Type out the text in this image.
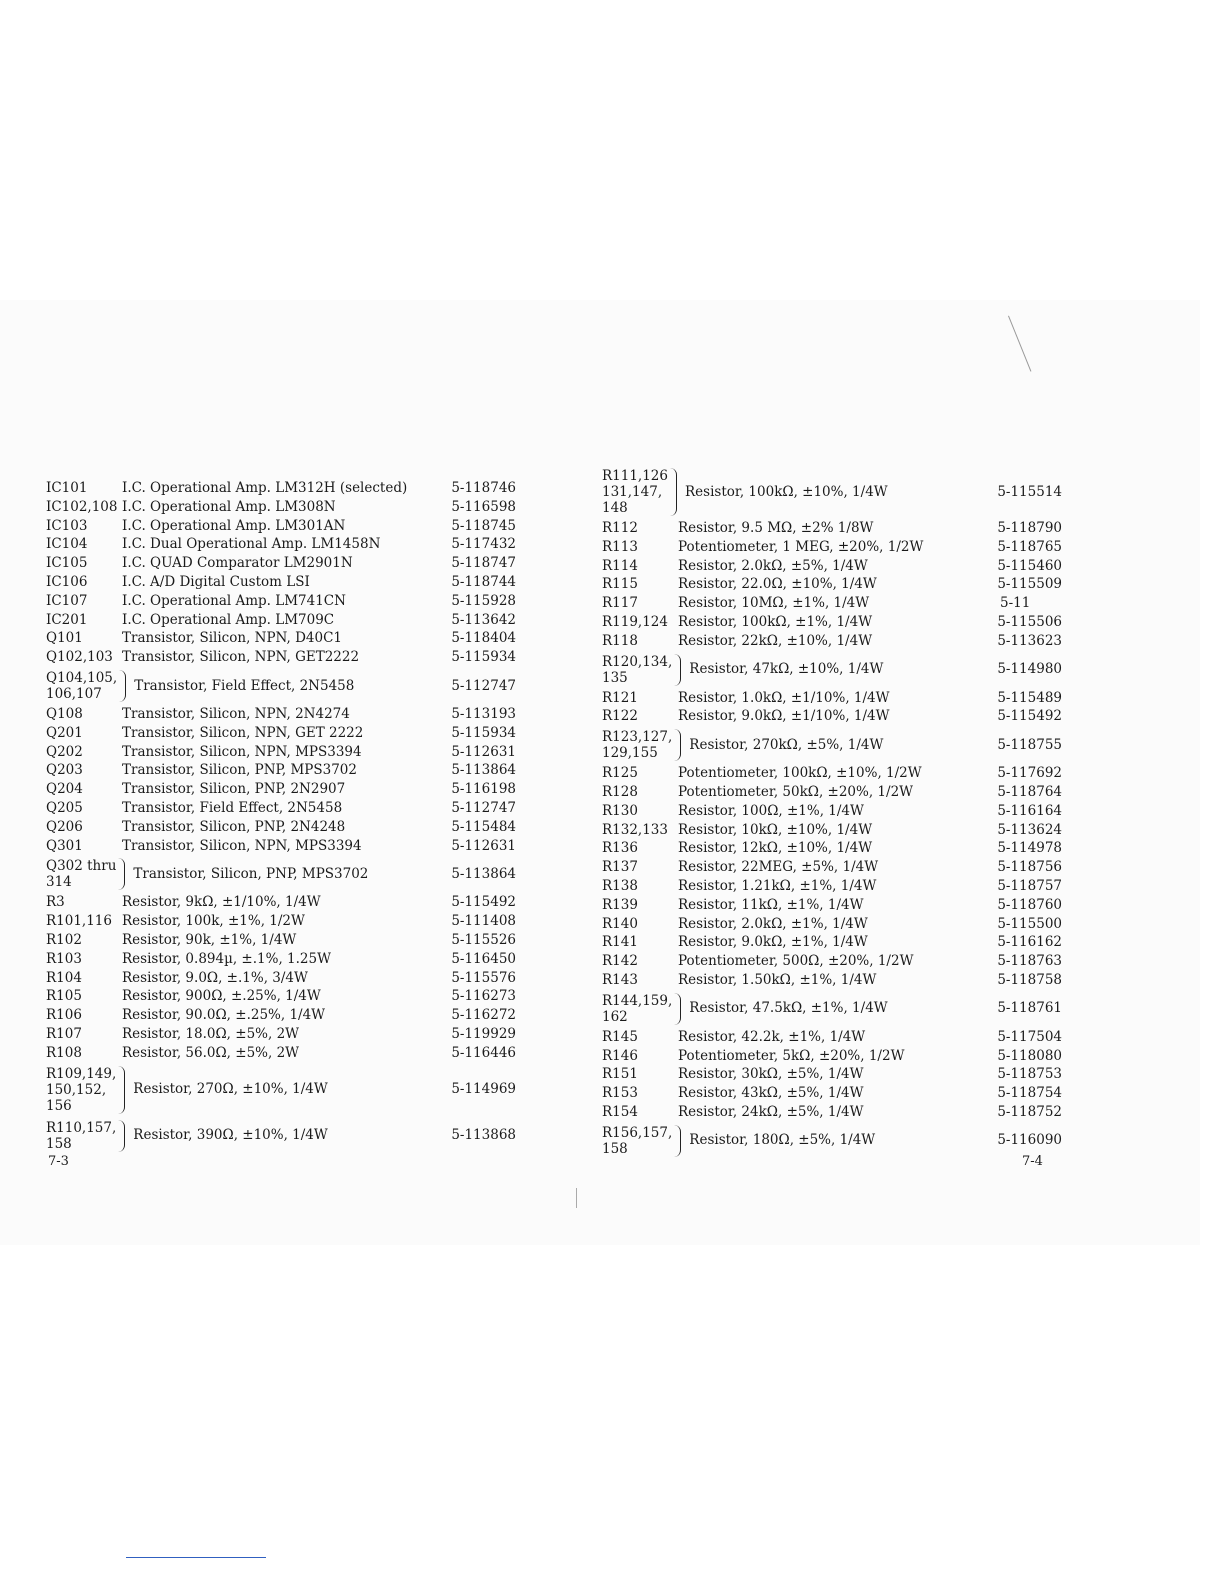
IC101	I.C. Operational Amp. LM312H (selected)	5-118746
IC102,108 I.C. Operational Amp. LM308N	5-116598
IC103	I.C. Operational Amp. LM301AN	5-118745
IC104	I.C. Dual Operational Amp. LM1458N	5-117432
IC105	I.C. QUAD Comparator LM2901N	5-118747
IC106	I.C. A/D Digital Custom LSI	5-118744
IC107	I.C. Operational Amp. LM741CN	5-115928
IC201	I.C. Operational Amp. LM709C	5-113642
Q101	Transistor, Silicon, NPN, D40C1	5-118404
Q102,103 Transistor, Silicon, NPN, GET2222	5-115934
Q104,105,
106,107
Transistor, Field Effect, 2N5458	5-112747
Q108	Transistor, Silicon, NPN, 2N4274	5-113193
Q201	Transistor, Silicon, NPN, GET 2222	5-115934
Q202	Transistor, Silicon, NPN, MPS3394	5-112631
Q203	Transistor, Silicon, PNP, MPS3702	5-113864
Q204	Transistor, Silicon, PNP, 2N2907	5-116198
Q205	Transistor, Field Effect, 2N5458	5-112747
Q206	Transistor, Silicon, PNP, 2N4248	5-115484
Q301	Transistor, Silicon, NPN, MPS3394	5-112631
Q302 thru
314
Transistor, Silicon, PNP, MPS3702	5-113864
R3	Resistor, 9kΩ, ±1/10%, 1/4W	5-115492
R101,116 Resistor, 100k, ±1%, 1/2W	5-111408
R102	Resistor, 90k, ±1%, 1/4W	5-115526
R103	Resistor, 0.894µ, ±.1%, 1.25W	5-116450
R104	Resistor, 9.0Ω, ±.1%, 3/4W	5-115576
R105	Resistor, 900Ω, ±.25%, 1/4W	5-116273
R106	Resistor, 90.0Ω, ±.25%, 1/4W	5-116272
R107	Resistor, 18.0Ω, ±5%, 2W	5-119929
R108	Resistor, 56.0Ω, ±5%, 2W	5-116446
R109,149,
150,152,
156
Resistor, 270Ω, ±10%, 1/4W	5-114969
R110,157,
158
Resistor, 390Ω, ±10%, 1/4W	5-113868
R111,126
131,147,
148
Resistor, 100kΩ, ±10%, 1/4W	5-115514
R112	Resistor, 9.5 MΩ, ±2% 1/8W	5-118790
R113	Potentiometer, 1 MEG, ±20%, 1/2W	5-118765
R114	Resistor, 2.0kΩ, ±5%, 1/4W	5-115460
R115	Resistor, 22.0Ω, ±10%, 1/4W	5-115509
R117	Resistor, 10MΩ, ±1%, 1/4W	5-11
R119,124 Resistor, 100kΩ, ±1%, 1/4W	5-115506
R118	Resistor, 22kΩ, ±10%, 1/4W	5-113623
R120,134,
135
Resistor, 47kΩ, ±10%, 1/4W	5-114980
R121	Resistor, 1.0kΩ, ±1/10%, 1/4W	5-115489
R122	Resistor, 9.0kΩ, ±1/10%, 1/4W	5-115492
R123,127,
129,155
Resistor, 270kΩ, ±5%, 1/4W	5-118755
R125	Potentiometer, 100kΩ, ±10%, 1/2W	5-117692
R128	Potentiometer, 50kΩ, ±20%, 1/2W	5-118764
R130	Resistor, 100Ω, ±1%, 1/4W	5-116164
R132,133 Resistor, 10kΩ, ±10%, 1/4W	5-113624
R136	Resistor, 12kΩ, ±10%, 1/4W	5-114978
R137	Resistor, 22MEG, ±5%, 1/4W	5-118756
R138	Resistor, 1.21kΩ, ±1%, 1/4W	5-118757
R139	Resistor, 11kΩ, ±1%, 1/4W	5-118760
R140	Resistor, 2.0kΩ, ±1%, 1/4W	5-115500
R141	Resistor, 9.0kΩ, ±1%, 1/4W	5-116162
R142	Potentiometer, 500Ω, ±20%, 1/2W	5-118763
R143	Resistor, 1.50kΩ, ±1%, 1/4W	5-118758
R144,159,
162
Resistor, 47.5kΩ, ±1%, 1/4W	5-118761
R145	Resistor, 42.2k, ±1%, 1/4W	5-117504
R146	Potentiometer, 5kΩ, ±20%, 1/2W	5-118080
R151	Resistor, 30kΩ, ±5%, 1/4W	5-118753
R153	Resistor, 43kΩ, ±5%, 1/4W	5-118754
R154	Resistor, 24kΩ, ±5%, 1/4W	5-118752
R156,157,
158
Resistor, 180Ω, ±5%, 1/4W	5-116090
7-3	7-4
